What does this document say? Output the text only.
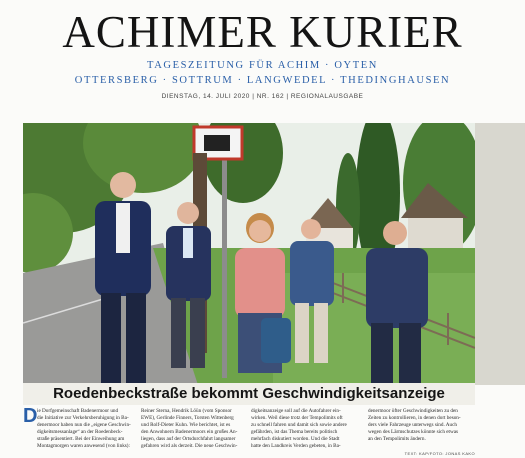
ACHIMER KURIER
TAGESZEITUNG FÜR ACHIM · OYTEN
OTTERSBERG · SOTTRUM · LANGWEDEL · THEDINGHAUSEN
DIENSTAG, 14. JULI 2020 | NR. 162 | REGIONALAUSGABE
Roedenbeckstraße bekommt Geschwindigkeitsanzeige
D ie Dorfgemeinschaft Badenermoor und
die Initiative zur Verkehrsberuhigung in Ba-
denermoor haben nun die „eigene Geschwin-
digkeitsmessanlage“ an der Roedenbeck-
straße präsentiert. Bei der Einweihung am
Montagmorgen waren anwesend (von links):
Reiner Sterna, Hendrik Löün (vom Sponsor
EWE), Gerlinde Finners, Torsten Wittenberg
und Rolf-Dieter Kuhn. Wie berichtet, ist es
den Anwohnern Badenermoors ein großes An-
liegen, dass auf der Ortsdurchfahrt langsamer
gefahren wird als derzeit. Die neue Geschwin-
digkeitsanzeige soll auf die Autofahrer ein-
wirken. Weil diese trotz der Tempolimits oft
zu schnell fahren und damit sich sowie andere
gefährden, ist das Thema bereits politisch
mehrfach diskutiert worden. Und die Stadt
hatte den Landkreis Verden gebeten, in Ba-
denermoor öfter Geschwindigkeiten zu den
Zeiten zu kontrollieren, in denen dort beson-
ders viele Fahrzeuge unterwegs sind. Auch
wegen des Lärmschutzes könnte sich etwas
an den Tempolimits ändern.
TEXT: KAP/FOTO: JONAS KAKO
